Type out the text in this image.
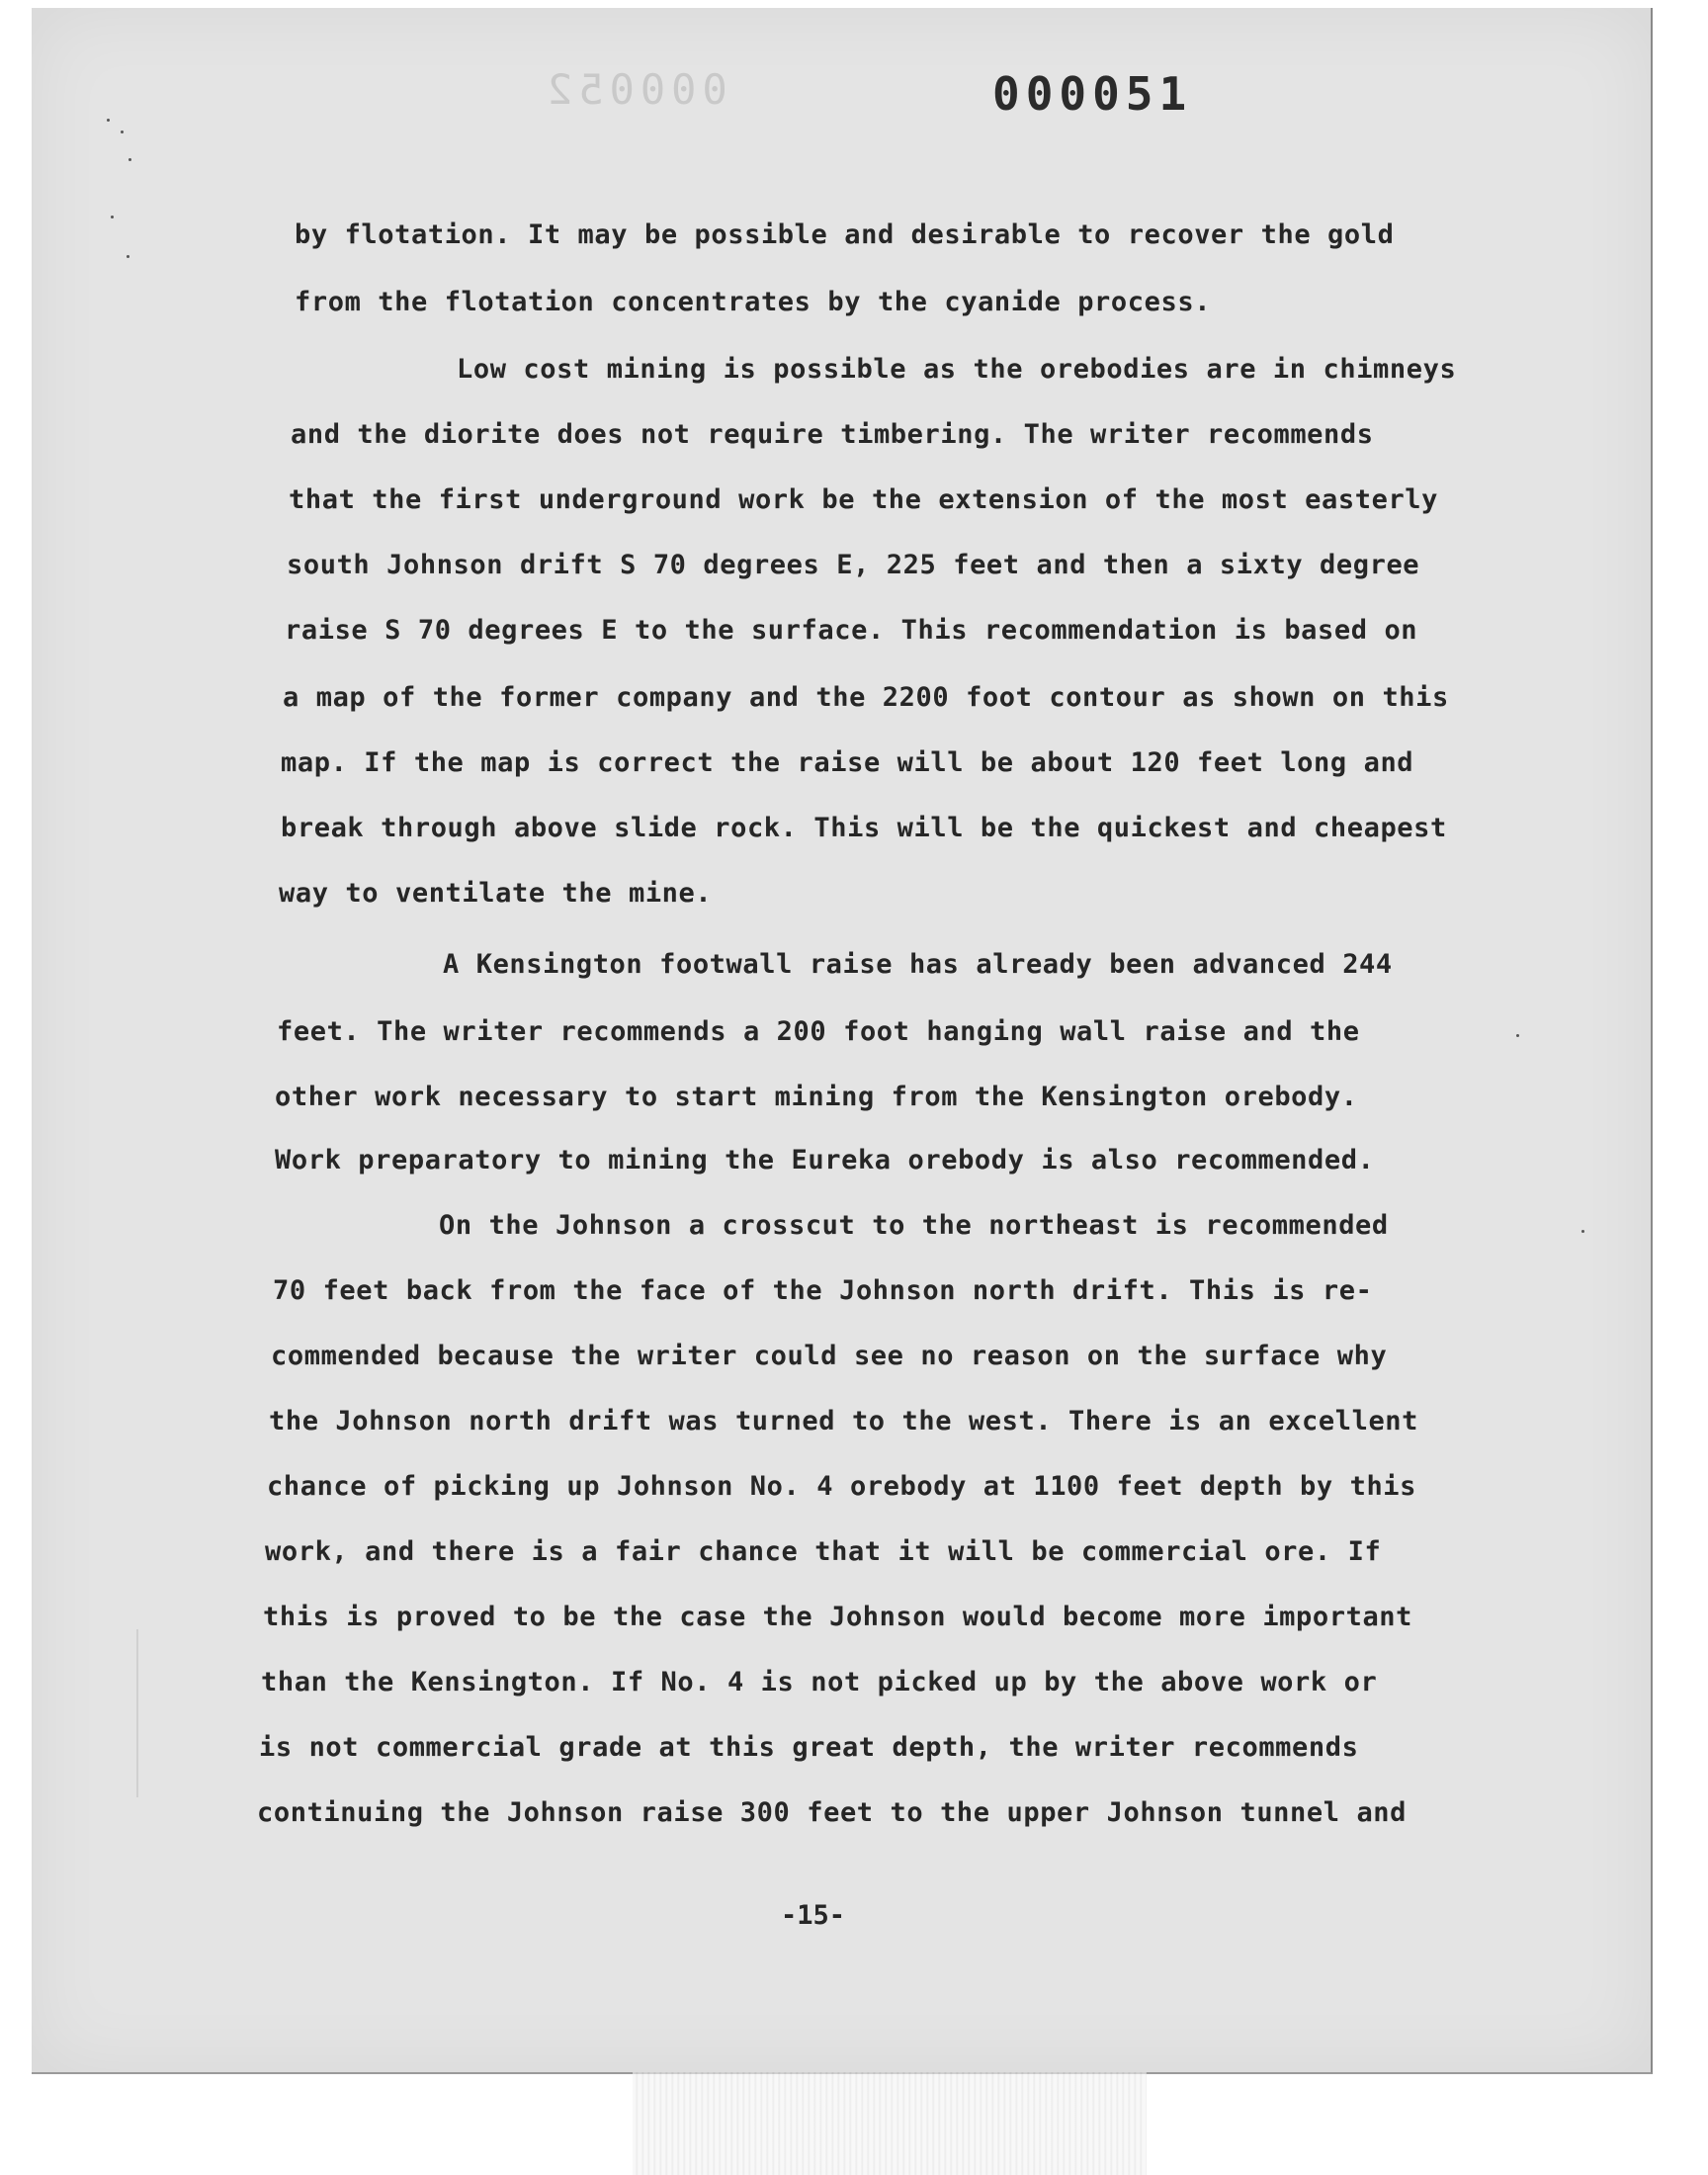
000052	000051
by flotation. It may be possible and desirable to recover the gold
from the flotation concentrates by the cyanide process.
Low cost mining is possible as the orebodies are in chimneys
and the diorite does not require timbering. The writer recommends
that the first underground work be the extension of the most easterly
south Johnson drift S 70 degrees E, 225 feet and then a sixty degree
raise S 70 degrees E to the surface. This recommendation is based on
a map of the former company and the 2200 foot contour as shown on this
map. If the map is correct the raise will be about 120 feet long and
break through above slide rock. This will be the quickest and cheapest
way to ventilate the mine.
A Kensington footwall raise has already been advanced 244
feet. The writer recommends a 200 foot hanging wall raise and the
other work necessary to start mining from the Kensington orebody.
Work preparatory to mining the Eureka orebody is also recommended.
On the Johnson a crosscut to the northeast is recommended
70 feet back from the face of the Johnson north drift. This is re-
commended because the writer could see no reason on the surface why
the Johnson north drift was turned to the west. There is an excellent
chance of picking up Johnson No. 4 orebody at 1100 feet depth by this
work, and there is a fair chance that it will be commercial ore. If
this is proved to be the case the Johnson would become more important
than the Kensington. If No. 4 is not picked up by the above work or
is not commercial grade at this great depth, the writer recommends
continuing the Johnson raise 300 feet to the upper Johnson tunnel and
-15-
